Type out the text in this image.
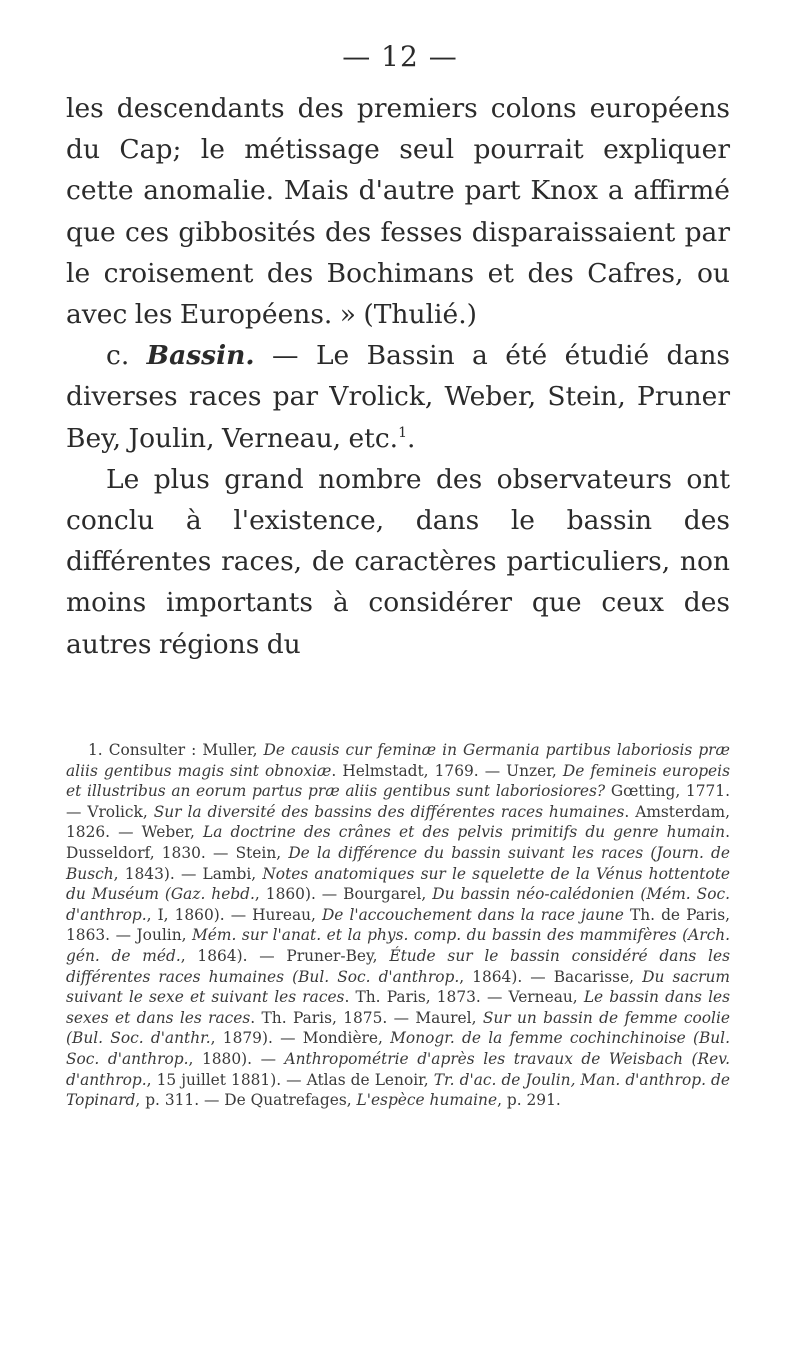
— 12 —

les descendants des premiers colons européens du Cap; le métissage seul pourrait expliquer cette anomalie. Mais d'autre part Knox a affirmé que ces gibbosités des fesses disparaissaient par le croisement des Bochimans et des Cafres, ou avec les Européens. » (Thulié.)

c. Bassin. — Le Bassin a été étudié dans diverses races par Vrolick, Weber, Stein, Pruner Bey, Joulin, Verneau, etc.$^1$.

Le plus grand nombre des observateurs ont conclu à l'existence, dans le bassin des différentes races, de caractères particuliers, non moins importants à considérer que ceux des autres régions du

1. Consulter : Muller, De causis cur feminæ in Germania partibus laboriosis præ aliis gentibus magis sint obnoxiæ. Helmstadt, 1769. — Unzer, De femineis europeis et illustribus an eorum partus præ aliis gentibus sunt laboriosiores? Gœtting, 1771. — Vrolick, Sur la diversité des bassins des différentes races humaines. Amsterdam, 1826. — Weber, La doctrine des crânes et des pelvis primitifs du genre humain. Dusseldorf, 1830. — Stein, De la différence du bassin suivant les races (Journ. de Busch, 1843). — Lambi, Notes anatomiques sur le squelette de la Vénus hottentote du Muséum (Gaz. hebd., 1860). — Bourgarel, Du bassin néo-calédonien (Mém. Soc. d'anthrop., I, 1860). — Hureau, De l'accouchement dans la race jaune Th. de Paris, 1863. — Joulin, Mém. sur l'anat. et la phys. comp. du bassin des mammifères (Arch. gén. de méd., 1864). — Pruner-Bey, Étude sur le bassin considéré dans les différentes races humaines (Bul. Soc. d'anthrop., 1864). — Bacarisse, Du sacrum suivant le sexe et suivant les races. Th. Paris, 1873. — Verneau, Le bassin dans les sexes et dans les races. Th. Paris, 1875. — Maurel, Sur un bassin de femme coolie (Bul. Soc. d'anthr., 1879). — Mondière, Monogr. de la femme cochinchinoise (Bul. Soc. d'anthrop., 1880). — Anthropométrie d'après les travaux de Weisbach (Rev. d'anthrop., 15 juillet 1881). — Atlas de Lenoir, Tr. d'ac. de Joulin, Man. d'anthrop. de Topinard, p. 311. — De Quatrefages, L'espèce humaine, p. 291.
